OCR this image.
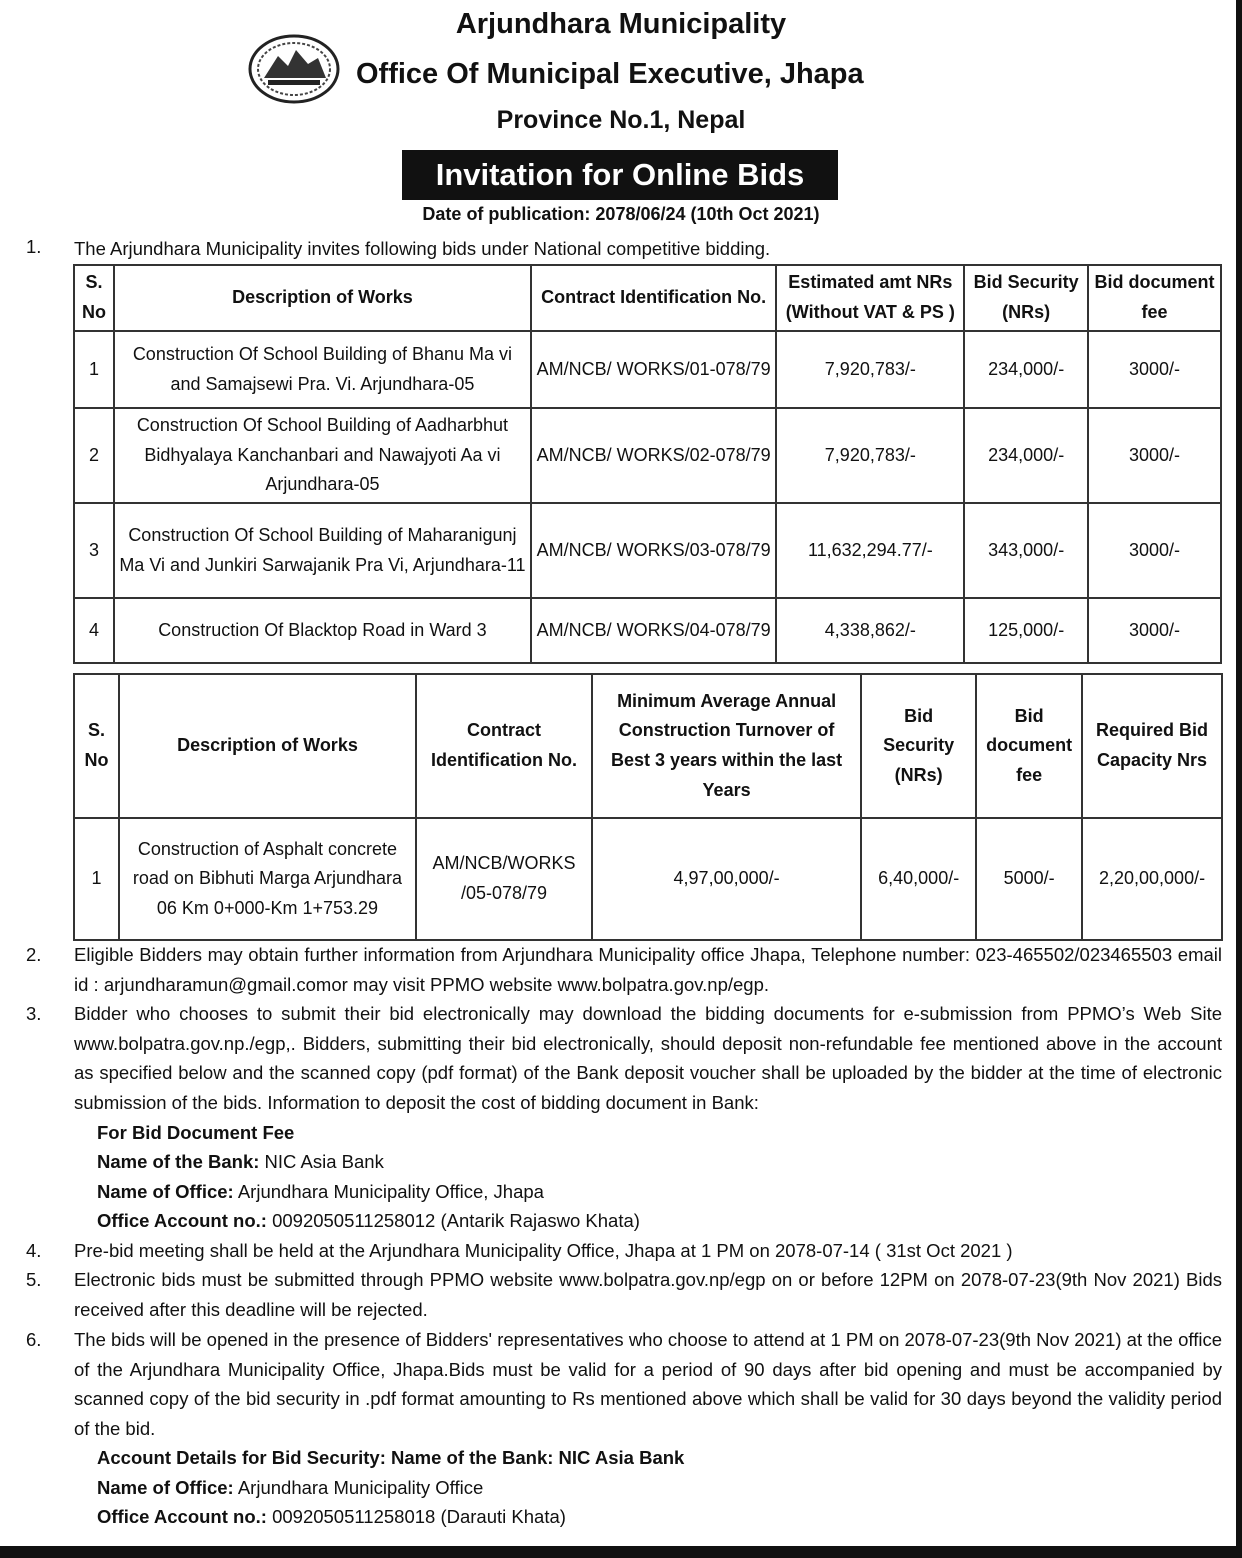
Arjundhara Municipality
Office Of Municipal Executive, Jhapa
Province No.1, Nepal
Invitation for Online Bids
Date of publication: 2078/06/24 (10th Oct 2021)
1. The Arjundhara Municipality invites following bids under National competitive bidding.
S. No	Description of Works	Contract Identification No.	Estimated amt NRs (Without VAT & PS )	Bid Security (NRs)	Bid document fee
1	Construction Of School Building of Bhanu Ma vi and Samajsewi Pra. Vi. Arjundhara-05	AM/NCB/ WORKS/01-078/79	7,920,783/-	234,000/-	3000/-
2	Construction Of School Building of Aadharbhut Bidhyalaya Kanchanbari and Nawajyoti Aa vi Arjundhara-05	AM/NCB/ WORKS/02-078/79	7,920,783/-	234,000/-	3000/-
3	Construction Of School Building of Maharanigunj Ma Vi and Junkiri Sarwajanik Pra Vi, Arjundhara-11	AM/NCB/ WORKS/03-078/79	11,632,294.77/-	343,000/-	3000/-
4	Construction Of Blacktop Road in Ward 3	AM/NCB/ WORKS/04-078/79	4,338,862/-	125,000/-	3000/-
S. No	Description of Works	Contract Identification No.	Minimum Average Annual Construction Turnover of Best 3 years within the last Years	Bid Security (NRs)	Bid document fee	Required Bid Capacity Nrs
1	Construction of Asphalt concrete road on Bibhuti Marga Arjundhara 06 Km 0+000-Km 1+753.29	AM/NCB/WORKS /05-078/79	4,97,00,000/-	6,40,000/-	5000/-	2,20,00,000/-
2. Eligible Bidders may obtain further information from Arjundhara Municipality office Jhapa, Telephone number: 023-465502/023465503 email id : arjundharamun@gmail.comor may visit PPMO website www.bolpatra.gov.np/egp.
3. Bidder who chooses to submit their bid electronically may download the bidding documents for e-submission from PPMO’s Web Site www.bolpatra.gov.np./egp,. Bidders, submitting their bid electronically, should deposit non-refundable fee mentioned above in the account as specified below and the scanned copy (pdf format) of the Bank deposit voucher shall be uploaded by the bidder at the time of electronic submission of the bids. Information to deposit the cost of bidding document in Bank:
For Bid Document Fee
Name of the Bank: NIC Asia Bank
Name of Office: Arjundhara Municipality Office, Jhapa
Office Account no.: 0092050511258012 (Antarik Rajaswo Khata)
4. Pre-bid meeting shall be held at the Arjundhara Municipality Office, Jhapa at 1 PM on 2078-07-14 ( 31st Oct 2021 )
5. Electronic bids must be submitted through PPMO website www.bolpatra.gov.np/egp on or before 12PM on 2078-07-23(9th Nov 2021) Bids received after this deadline will be rejected.
6. The bids will be opened in the presence of Bidders' representatives who choose to attend at 1 PM on 2078-07-23(9th Nov 2021) at the office of the Arjundhara Municipality Office, Jhapa.Bids must be valid for a period of 90 days after bid opening and must be accompanied by scanned copy of the bid security in .pdf format amounting to Rs mentioned above which shall be valid for 30 days beyond the validity period of the bid.
Account Details for Bid Security: Name of the Bank: NIC Asia Bank
Name of Office: Arjundhara Municipality Office
Office Account no.: 0092050511258018 (Darauti Khata)
